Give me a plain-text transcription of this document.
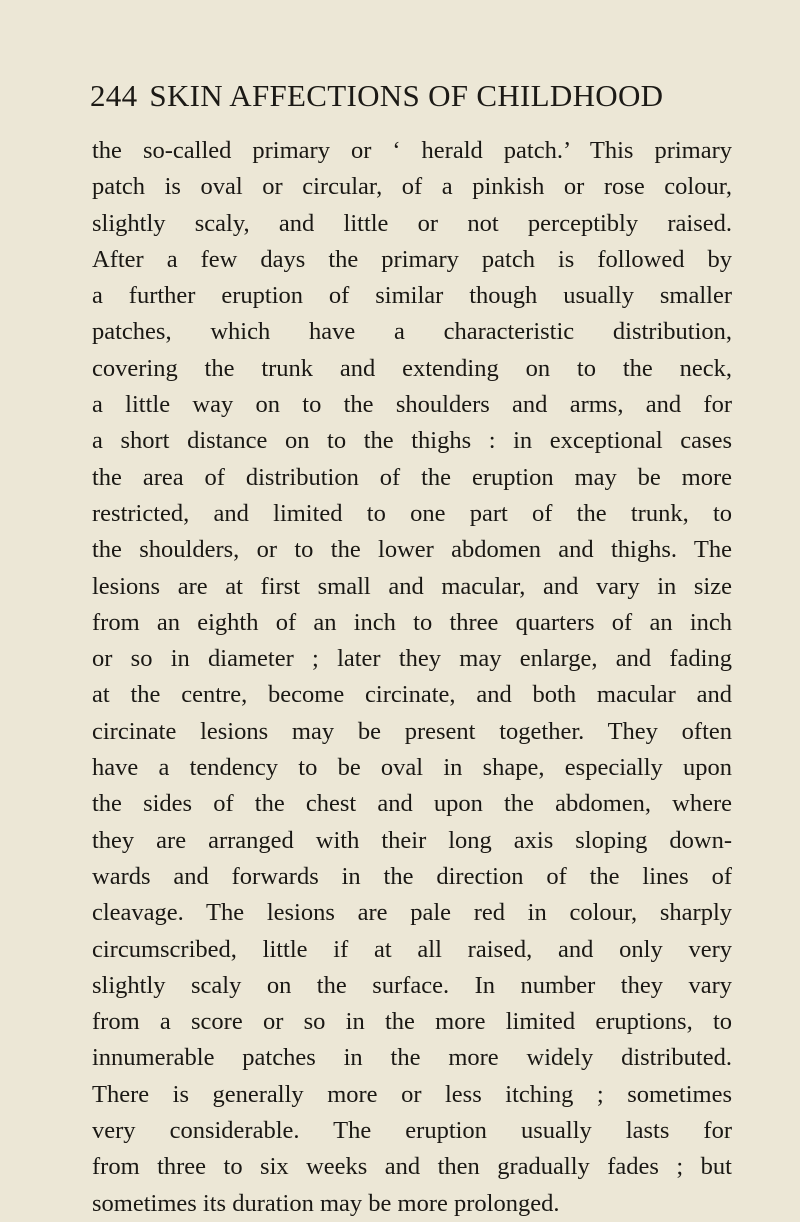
244 SKIN AFFECTIONS OF CHILDHOOD
the so-called primary or ‘ herald patch.’ This primary
patch is oval or circular, of a pinkish or rose colour,
slightly scaly, and little or not perceptibly raised.
After a few days the primary patch is followed by
a further eruption of similar though usually smaller
patches, which have a characteristic distribution,
covering the trunk and extending on to the neck,
a little way on to the shoulders and arms, and for
a short distance on to the thighs : in exceptional cases
the area of distribution of the eruption may be more
restricted, and limited to one part of the trunk, to
the shoulders, or to the lower abdomen and thighs. The
lesions are at first small and macular, and vary in size
from an eighth of an inch to three quarters of an inch
or so in diameter ; later they may enlarge, and fading
at the centre, become circinate, and both macular and
circinate lesions may be present together. They often
have a tendency to be oval in shape, especially upon
the sides of the chest and upon the abdomen, where
they are arranged with their long axis sloping down-
wards and forwards in the direction of the lines of
cleavage. The lesions are pale red in colour, sharply
circumscribed, little if at all raised, and only very
slightly scaly on the surface. In number they vary
from a score or so in the more limited eruptions, to
innumerable patches in the more widely distributed.
There is generally more or less itching ; sometimes
very considerable. The eruption usually lasts for
from three to six weeks and then gradually fades ; but
sometimes its duration may be more prolonged.
